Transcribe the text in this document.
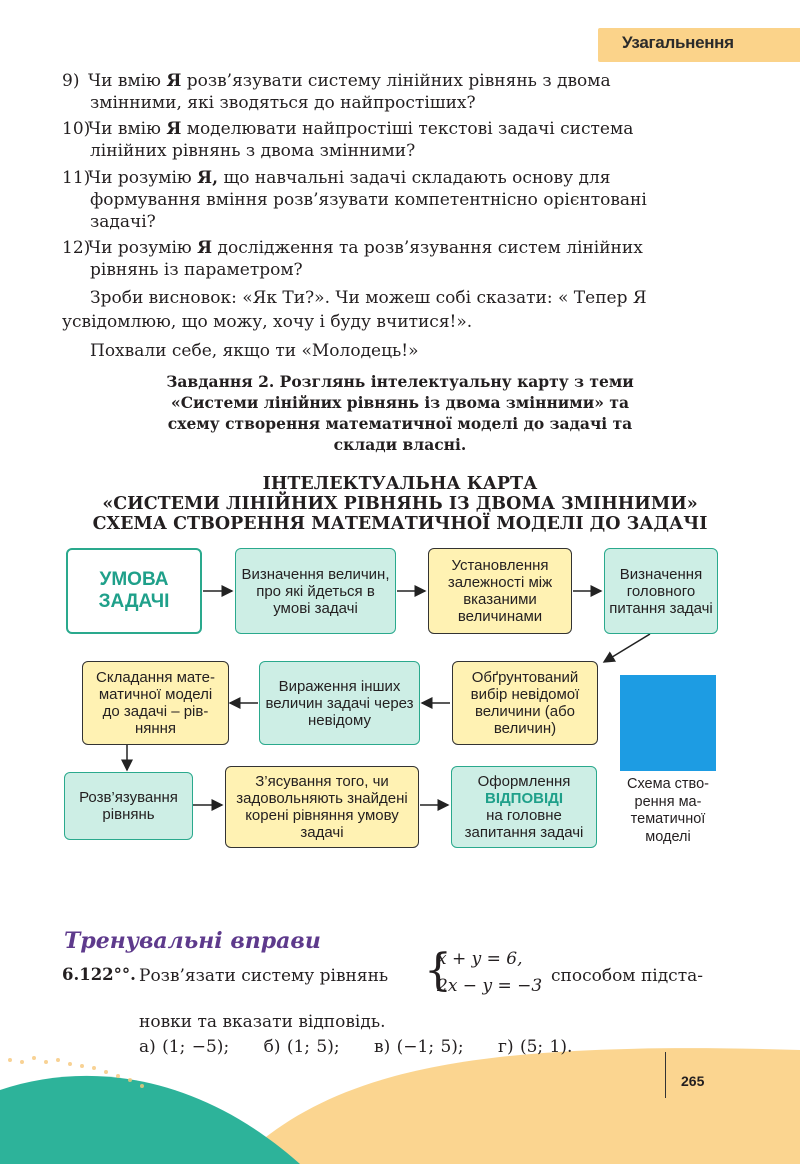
Узагальнення
9) Чи вмію Я розв’язувати систему лінійних рівнянь з двома
змінними, які зводяться до найпростіших?
10)Чи вмію Я моделювати найпростіші текстові задачі система
лінійних рівнянь з двома змінними?
11)Чи розумію Я, що навчальні задачі складають основу для
формування вміння розв’язувати компетентнісно орієнтовані
задачі?
12)Чи розумію Я дослідження та розв’язування систем лінійних
рівнянь із параметром?
Зроби висновок: «Як Ти?». Чи можеш собі сказати: « Тепер Я
усвідомлюю, що можу, хочу і буду вчитися!».
Похвали себе, якщо ти «Молодець!»
Завдання 2. Розглянь інтелектуальну карту з теми
«Системи лінійних рівнянь із двома змінними» та
схему створення математичної моделі до задачі та
склади власні.
ІНТЕЛЕКТУАЛЬНА КАРТА
«СИСТЕМИ ЛІНІЙНИХ РІВНЯНЬ ІЗ ДВОМА ЗМІННИМИ»
СХЕМА СТВОРЕННЯ МАТЕМАТИЧНОЇ МОДЕЛІ ДО ЗАДАЧІ
УМОВА ЗАДАЧІ
Визначення величин, про які йдеться в умові задачі
Установлення залежності між вказаними величинами
Визначення головного питання задачі
Обґрунтований вибір невідомої величини (або величин)
Вираження інших величин задачі через невідому
Складання мате-
матичної моделі
до задачі – рів-
няння
Розв’язування рівнянь
З’ясування того, чи задовольняють знайдені корені рівняння умову задачі
Оформлення
ВІДПОВІДІ
на головне запитання задачі
Схема ство-
рення ма-
тематичної
моделі
Тренувальні вправи
6.122°°. Розв’язати систему рівнянь {
x + y = 6,
2x − y = −3 способом підста-
новки та вказати відповідь.
а) (1; −5); б) (1; 5); в) (−1; 5); г) (5; 1).
265
